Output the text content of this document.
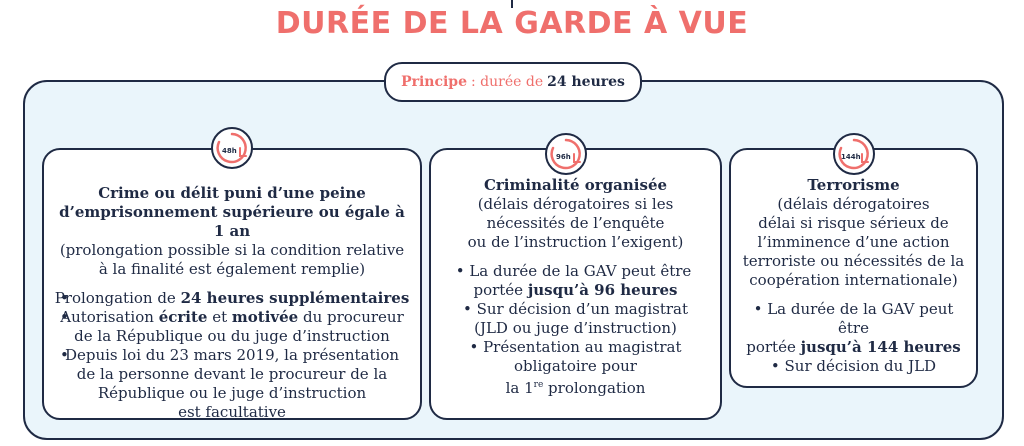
DURÉE DE LA GARDE À VUE
Principe : durée de 24 heures
48h
Crime ou délit puni d’une peine
d’emprisonnement supérieure ou égale à 1 an
(prolongation possible si la condition relative
à la finalité est également remplie)
• Prolongation de 24 heures supplémentaires
• Autorisation écrite et motivée du procureur
de la République ou du juge d’instruction
• Depuis loi du 23 mars 2019, la présentation
de la personne devant le procureur de la
République ou le juge d’instruction
est facultative
96h
Criminalité organisée
(délais dérogatoires si les
nécessités de l’enquête
ou de l’instruction l’exigent)
• La durée de la GAV peut être
portée jusqu’à 96 heures
• Sur décision d’un magistrat
(JLD ou juge d’instruction)
• Présentation au magistrat
obligatoire pour
la 1re prolongation
144h
Terrorisme
(délais dérogatoires
délai si risque sérieux de
l’imminence d’une action
terroriste ou nécessités de la
coopération internationale)
• La durée de la GAV peut être
portée jusqu’à 144 heures
• Sur décision du JLD
